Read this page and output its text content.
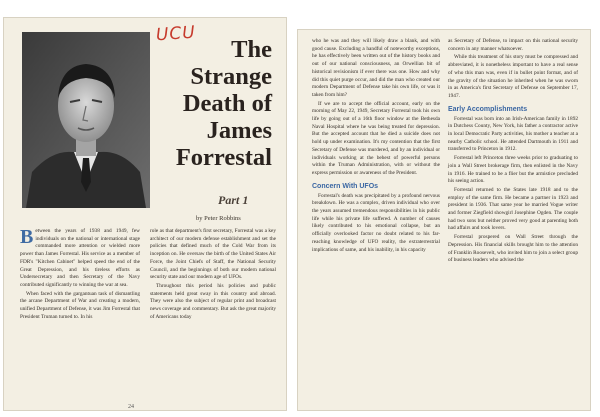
UCU
The
Strange
Death of
James
Forrestal
Part 1
by Peter Robbins

Between the years of 1938 and 1949, few individuals on the national or international stage commanded more attention or wielded more power than James Forrestal. His service as a member of FDR's "Kitchen Cabinet" helped speed the end of the Great Depression, and his tireless efforts as Undersecretary and then Secretary of the Navy contributed significantly to winning the war at sea.

When faced with the gargantuan task of dismantling the arcane Department of War and creating a modern, unified Department of Defense, it was Jim Forrestal that President Truman turned to. In his

role as that department's first secretary, Forrestal was a key architect of our modern defense establishment and set the policies that defined much of the Cold War from its inception on. He oversaw the birth of the United States Air Force, the Joint Chiefs of Staff, the National Security Council, and the beginnings of both our modern national security state and our modern age of UFOs.

Throughout this period his policies and public statements held great sway in this country and abroad. They were also the subject of regular print and broadcast news coverage and commentary. But ask the great majority of Americans today

24

who he was and they will likely draw a blank, and with good cause. Excluding a handful of noteworthy exceptions, he has effectively been written out of the history books and out of our national consciousness, an Orwellian bit of historical revisionism if ever there was one. How and why did this quiet purge occur, and did the man who created our modern Department of Defense take his own life, or was it taken from him?

If we are to accept the official account, early on the morning of May 22, 1949, Secretary Forrestal took his own life by going out of a 16th floor window at the Bethesda Naval Hospital where he was being treated for depression. But the accepted account that he died a suicide does not hold up under examination. It's my contention that the first Secretary of Defense was murdered, and by an individual or individuals working at the behest of powerful persons within the Truman Administration, with or without the express permission or awareness of the President.

Concern With UFOs

Forrestal's death was precipitated by a profound nervous breakdown. He was a complex, driven individual who over the years assumed tremendous responsibilities in his public life while his private life suffered. A number of causes likely contributed to his emotional collapse, but an officially overlooked factor no doubt related to his far-reaching knowledge of UFO reality, the extraterrestrial implications of same, and his inability, in his capacity

as Secretary of Defense, to impact on this national security concern in any manner whatsoever.

While this treatment of his story must be compressed and abbreviated, it is nonetheless important to have a real sense of who this man was, even if in bullet point format, and of the gravity of the situation he inherited when he was sworn in as America's first Secretary of Defense on September 17, 1947.

Early Accomplishments

Forrestal was born into an Irish-American family in 1892 in Dutchess County, New York, his father a contractor active in local Democratic Party activities, his mother a teacher at a nearby Catholic school. He attended Dartmouth in 1911 and transferred to Princeton in 1912.

Forrestal left Princeton three weeks prior to graduating to join a Wall Street brokerage firm, then enlisted in the Navy in 1916. He trained to be a flier but the armistice precluded his seeing action.

Forrestal returned to the States late 1918 and to the employ of the same firm. He became a partner in 1923 and president in 1936. That same year he married Vogue writer and former Ziegfield showgirl Josephine Ogden. The couple had two sons but neither proved very good at parenting both had affairs and took lovers.

Forrestal prospered on Wall Street through the Depression. His financial skills brought him to the attention of Franklin Roosevelt, who invited him to join a select group of business leaders who advised the
